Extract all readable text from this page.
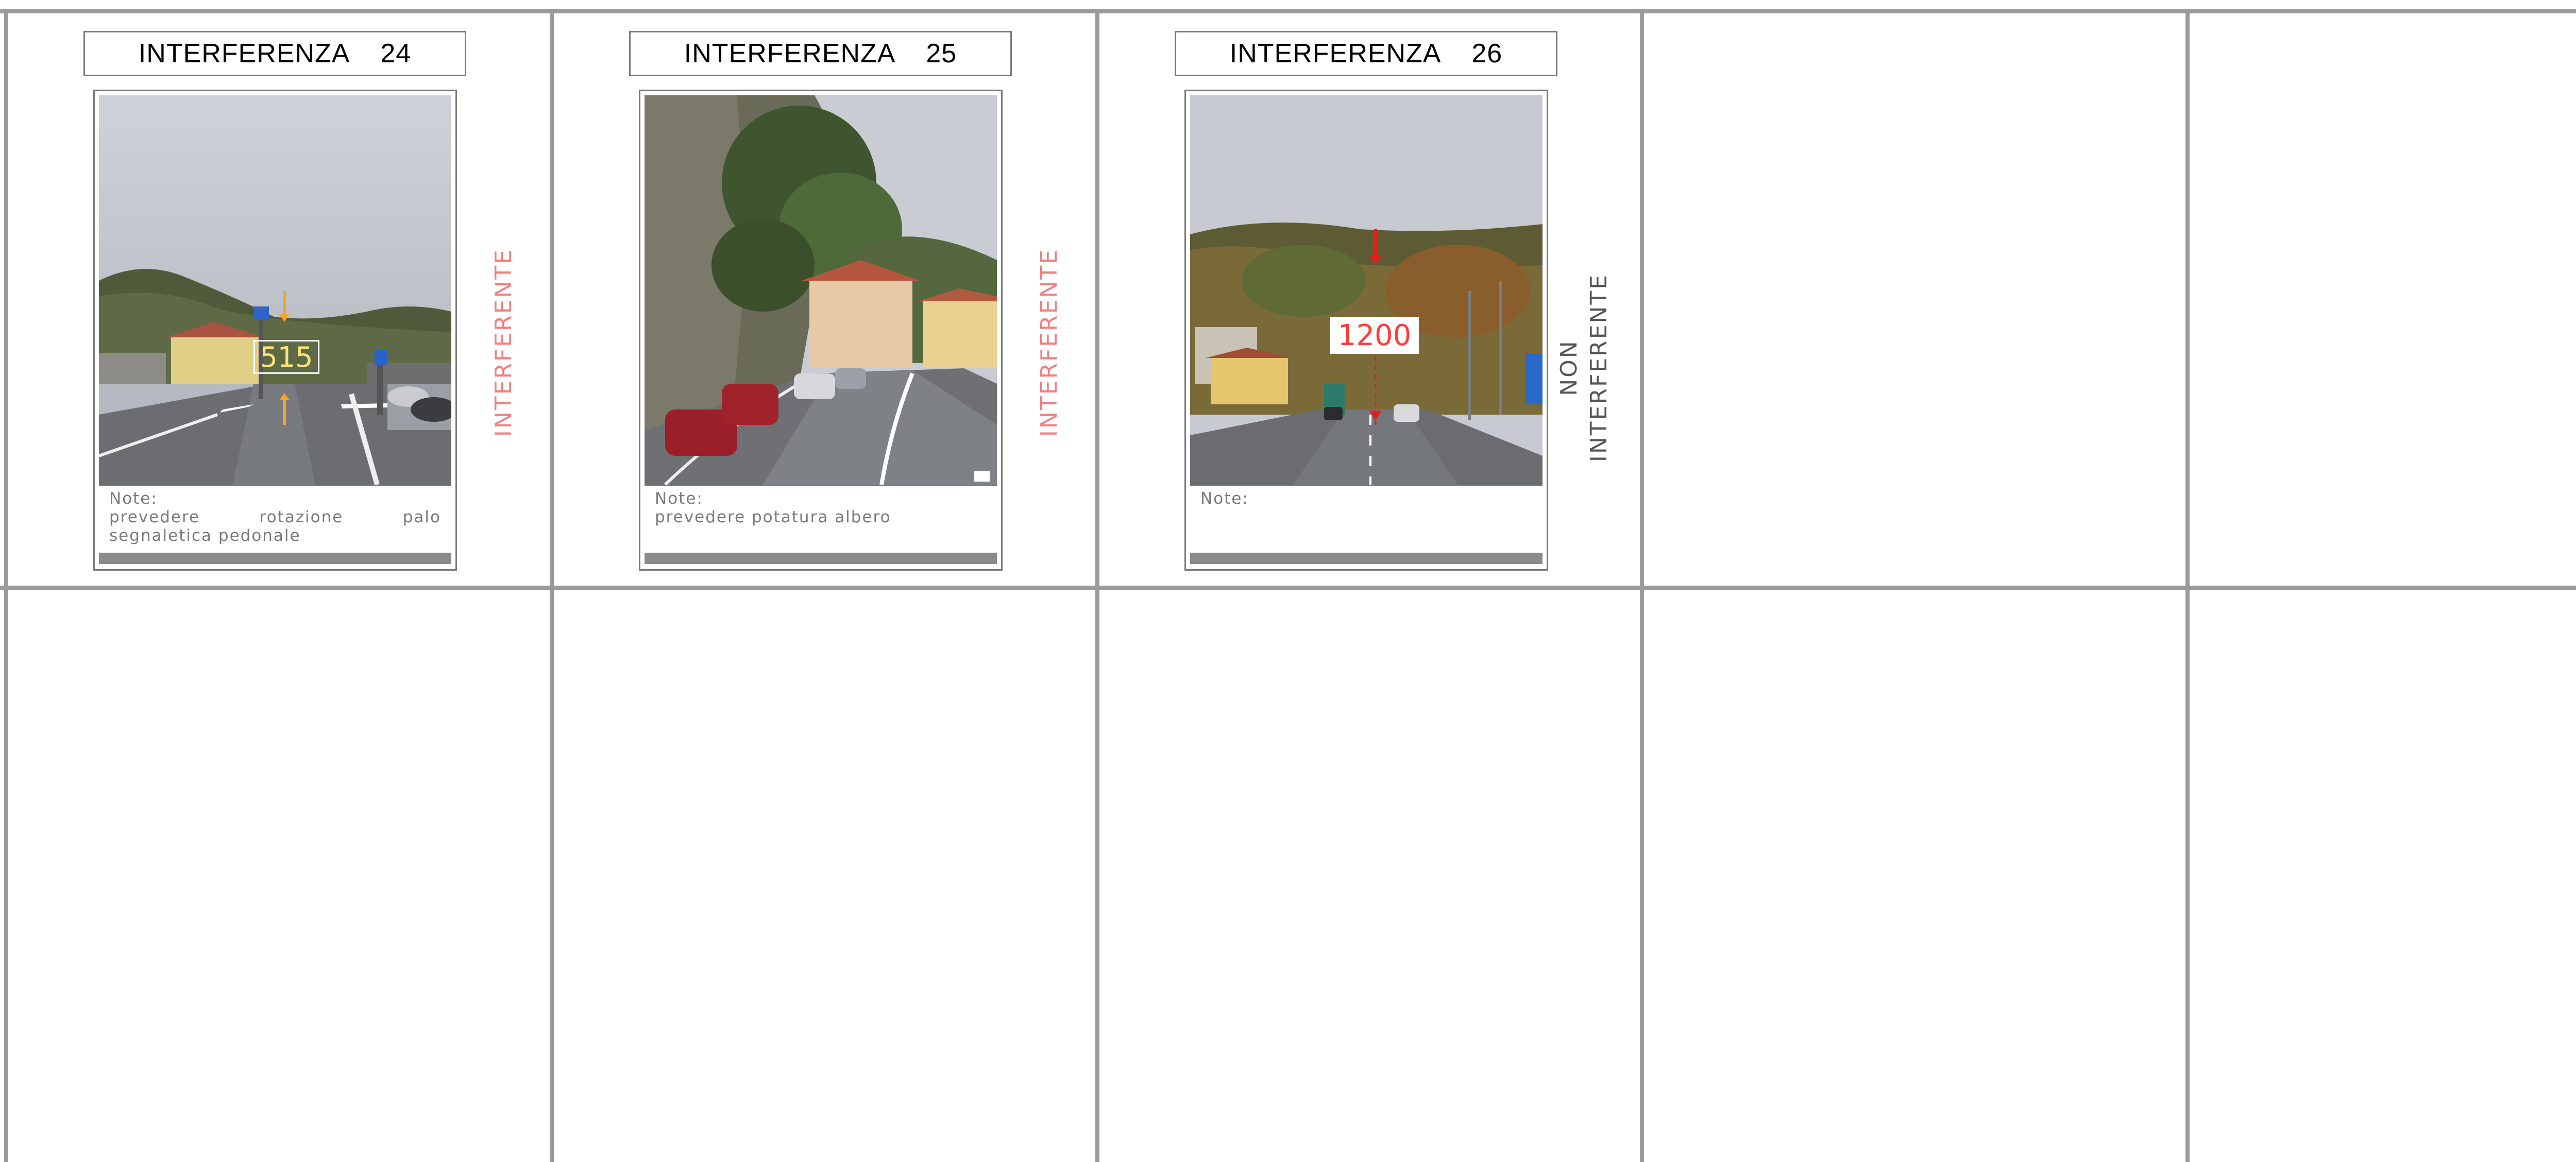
INTERFERENZA    24
515
Note:
prevedere rotazione palo
segnaletica pedonale
INTERFERENTE
INTERFERENZA    25
Note:
prevedere potatura albero
INTERFERENTE
INTERFERENZA    26
1200
Note:
NON INTERFERENTE
